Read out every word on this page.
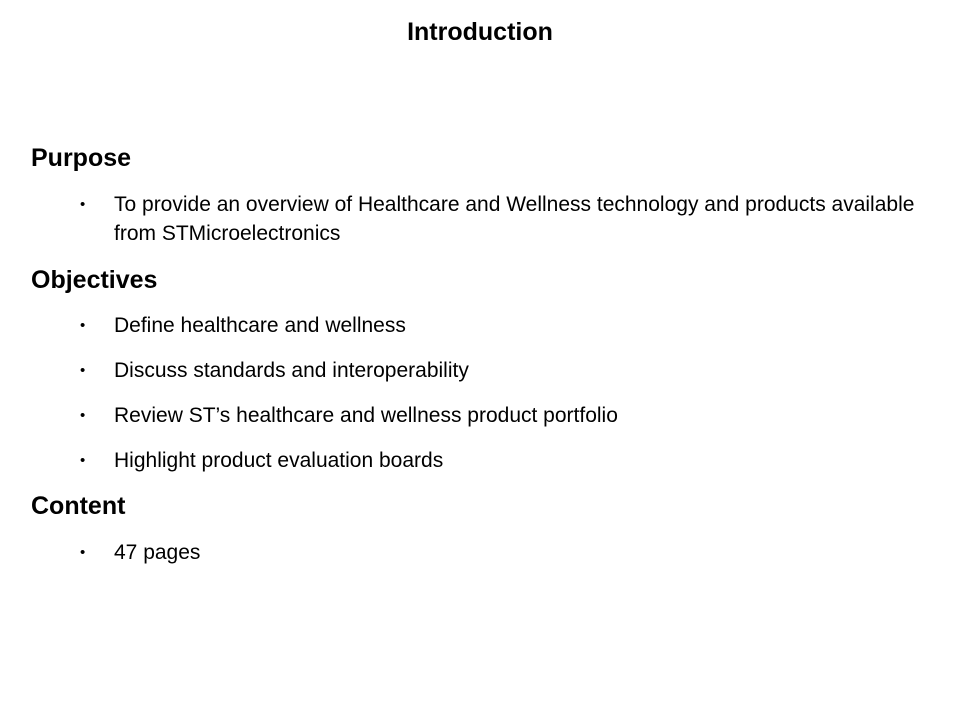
Introduction
Purpose
•	To provide an overview of Healthcare and Wellness technology and products available from STMicroelectronics
Objectives
•	Define healthcare and wellness
•	Discuss standards and interoperability
•	Review ST’s healthcare and wellness product portfolio
•	Highlight product evaluation boards
Content
•	47 pages
